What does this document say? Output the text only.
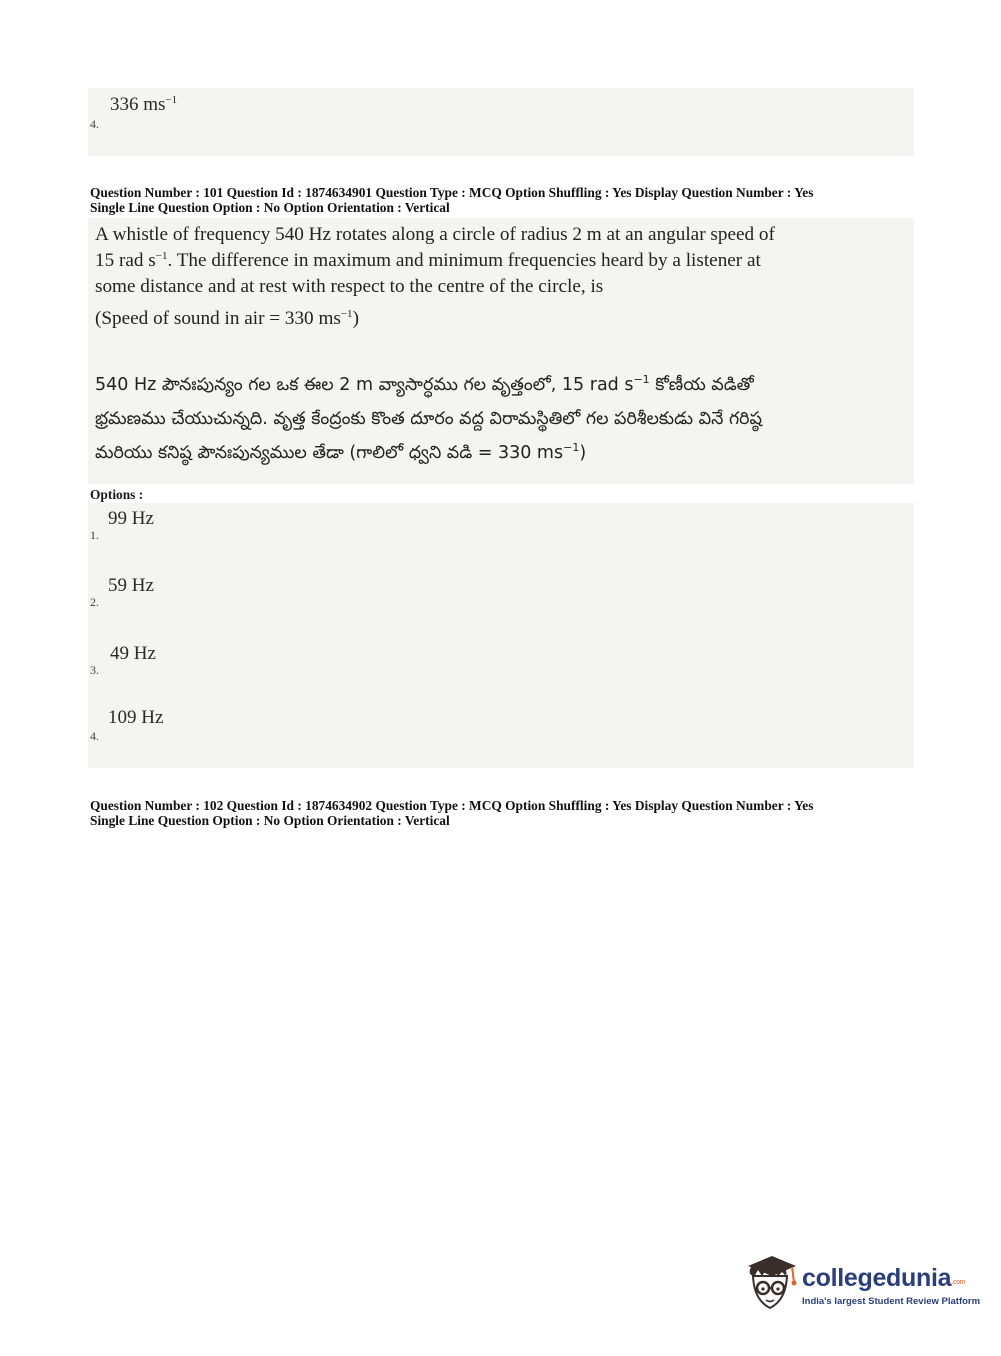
336 $ms^{-1}$
4.
Question Number : 101 Question Id : 1874634901 Question Type : MCQ Option Shuffling : Yes Display Question Number : Yes
Single Line Question Option : No Option Orientation : Vertical
A whistle of frequency 540 Hz rotates along a circle of radius 2 m at an angular speed of
15 rad $s^{-1}$. The difference in maximum and minimum frequencies heard by a listener at
some distance and at rest with respect to the centre of the circle, is
(Speed of sound in air = 330 $ms^{-1}$)
540 Hz పౌనఃపున్యం గల ఒక ఈల 2 m వ్యాసార్ధము గల వృత్తంలో, 15 rad $s^{-1}$ కోణీయ వడితో
భ్రమణము చేయుచున్నది. వృత్త కేంద్రంకు కొంత దూరం వద్ద విరామస్థితిలో గల పరిశీలకుడు వినే గరిష్ఠ
మరియు కనిష్ఠ పౌనఃపున్యముల తేడా (గాలిలో ధ్వని వడి = 330 $ms^{-1}$)
Options :
99 Hz
1.
59 Hz
2.
49 Hz
3.
109 Hz
4.
Question Number : 102 Question Id : 1874634902 Question Type : MCQ Option Shuffling : Yes Display Question Number : Yes
Single Line Question Option : No Option Orientation : Vertical
collegedunia.com
India's largest Student Review Platform
